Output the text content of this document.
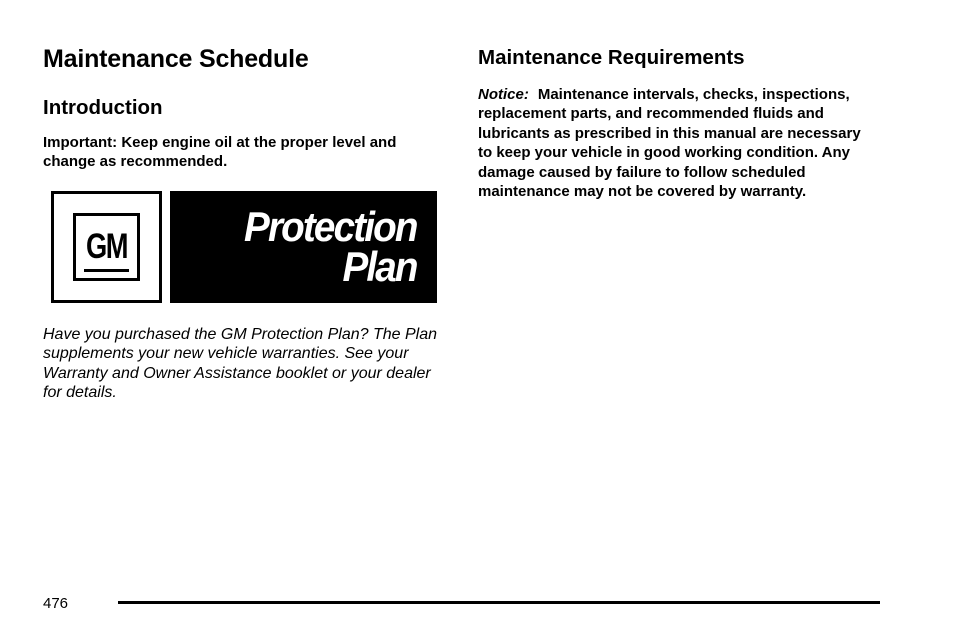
Maintenance Schedule
Introduction

Important: Keep engine oil at the proper level and change as recommended.

GM	Protection
Plan

Have you purchased the GM Protection Plan? The Plan supplements your new vehicle warranties. See your Warranty and Owner Assistance booklet or your dealer for details.

Maintenance Requirements

Notice: Maintenance intervals, checks, inspections, replacement parts, and recommended fluids and lubricants as prescribed in this manual are necessary to keep your vehicle in good working condition. Any damage caused by failure to follow scheduled maintenance may not be covered by warranty.

476
